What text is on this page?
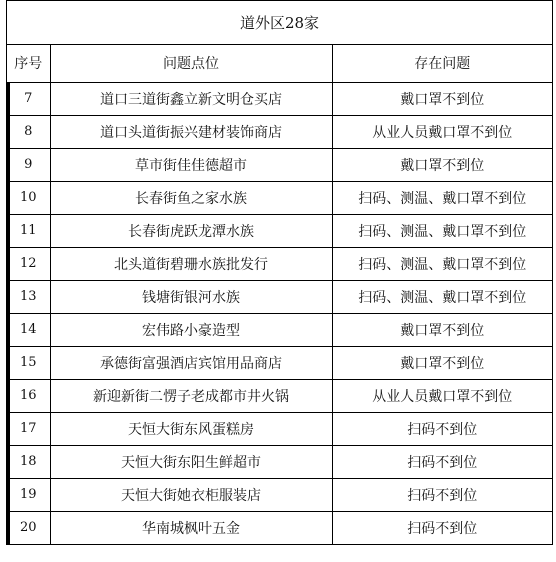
道外区28家
序号	问题点位	存在问题
7	道口三道街鑫立新文明仓买店	戴口罩不到位
8	道口头道街振兴建材装饰商店	从业人员戴口罩不到位
9	草市街佳佳德超市	戴口罩不到位
10	长春街鱼之家水族	扫码、测温、戴口罩不到位
11	长春街虎跃龙潭水族	扫码、测温、戴口罩不到位
12	北头道街碧珊水族批发行	扫码、测温、戴口罩不到位
13	钱塘街银河水族	扫码、测温、戴口罩不到位
14	宏伟路小豪造型	戴口罩不到位
15	承德街富强酒店宾馆用品商店	戴口罩不到位
16	新迎新街二愣子老成都市井火锅	从业人员戴口罩不到位
17	天恒大街东风蛋糕房	扫码不到位
18	天恒大街东阳生鲜超市	扫码不到位
19	天恒大街她衣柜服装店	扫码不到位
20	华南城枫叶五金	扫码不到位
